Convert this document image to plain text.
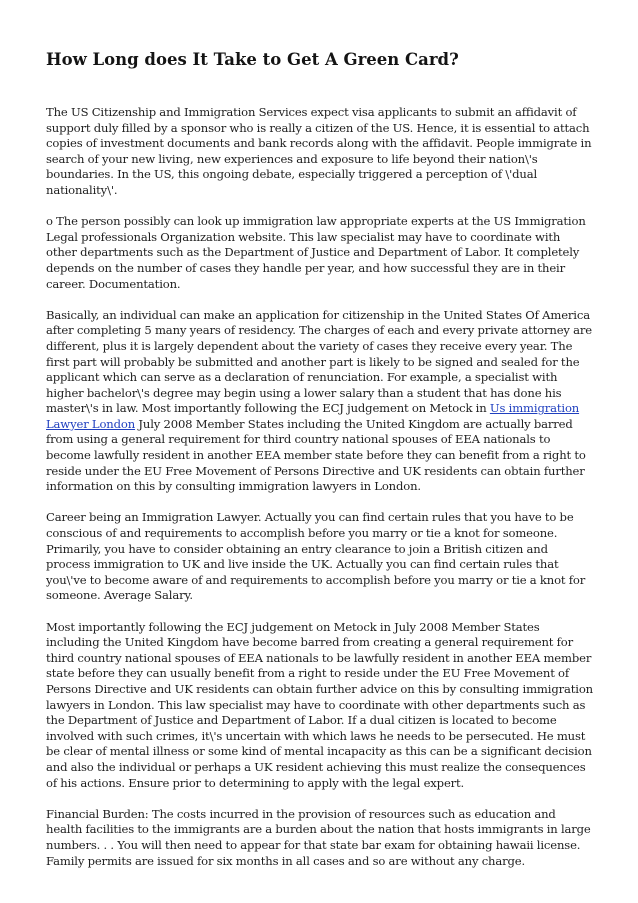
How Long does It Take to Get A Green Card?

The US Citizenship and Immigration Services expect visa applicants to submit an affidavit of support duly filled by a sponsor who is really a citizen of the US. Hence, it is essential to attach copies of investment documents and bank records along with the affidavit. People immigrate in search of your new living, new experiences and exposure to life beyond their nation\'s boundaries. In the US, this ongoing debate, especially triggered a perception of \'dual nationality\'.

o The person possibly can look up immigration law appropriate experts at the US Immigration Legal professionals Organization website. This law specialist may have to coordinate with other departments such as the Department of Justice and Department of Labor. It completely depends on the number of cases they handle per year, and how successful they are in their career. Documentation.

Basically, an individual can make an application for citizenship in the United States Of America after completing 5 many years of residency. The charges of each and every private attorney are different, plus it is largely dependent about the variety of cases they receive every year. The first part will probably be submitted and another part is likely to be signed and sealed for the applicant which can serve as a declaration of renunciation. For example, a specialist with higher bachelor\'s degree may begin using a lower salary than a student that has done his master\'s in law. Most importantly following the ECJ judgement on Metock in Us immigration Lawyer London July 2008 Member States including the United Kingdom are actually barred from using a general requirement for third country national spouses of EEA nationals to become lawfully resident in another EEA member state before they can benefit from a right to reside under the EU Free Movement of Persons Directive and UK residents can obtain further information on this by consulting immigration lawyers in London.

Career being an Immigration Lawyer. Actually you can find certain rules that you have to be conscious of and requirements to accomplish before you marry or tie a knot for someone. Primarily, you have to consider obtaining an entry clearance to join a British citizen and process immigration to UK and live inside the UK. Actually you can find certain rules that you\'ve to become aware of and requirements to accomplish before you marry or tie a knot for someone. Average Salary.

Most importantly following the ECJ judgement on Metock in July 2008 Member States including the United Kingdom have become barred from creating a general requirement for third country national spouses of EEA nationals to be lawfully resident in another EEA member state before they can usually benefit from a right to reside under the EU Free Movement of Persons Directive and UK residents can obtain further advice on this by consulting immigration lawyers in London. This law specialist may have to coordinate with other departments such as the Department of Justice and Department of Labor. If a dual citizen is located to become involved with such crimes, it\'s uncertain with which laws he needs to be persecuted. He must be clear of mental illness or some kind of mental incapacity as this can be a significant decision and also the individual or perhaps a UK resident achieving this must realize the consequences of his actions. Ensure prior to determining to apply with the legal expert.

Financial Burden: The costs incurred in the provision of resources such as education and health facilities to the immigrants are a burden about the nation that hosts immigrants in large numbers. . . You will then need to appear for that state bar exam for obtaining hawaii license. Family permits are issued for six months in all cases and so are without any charge.
